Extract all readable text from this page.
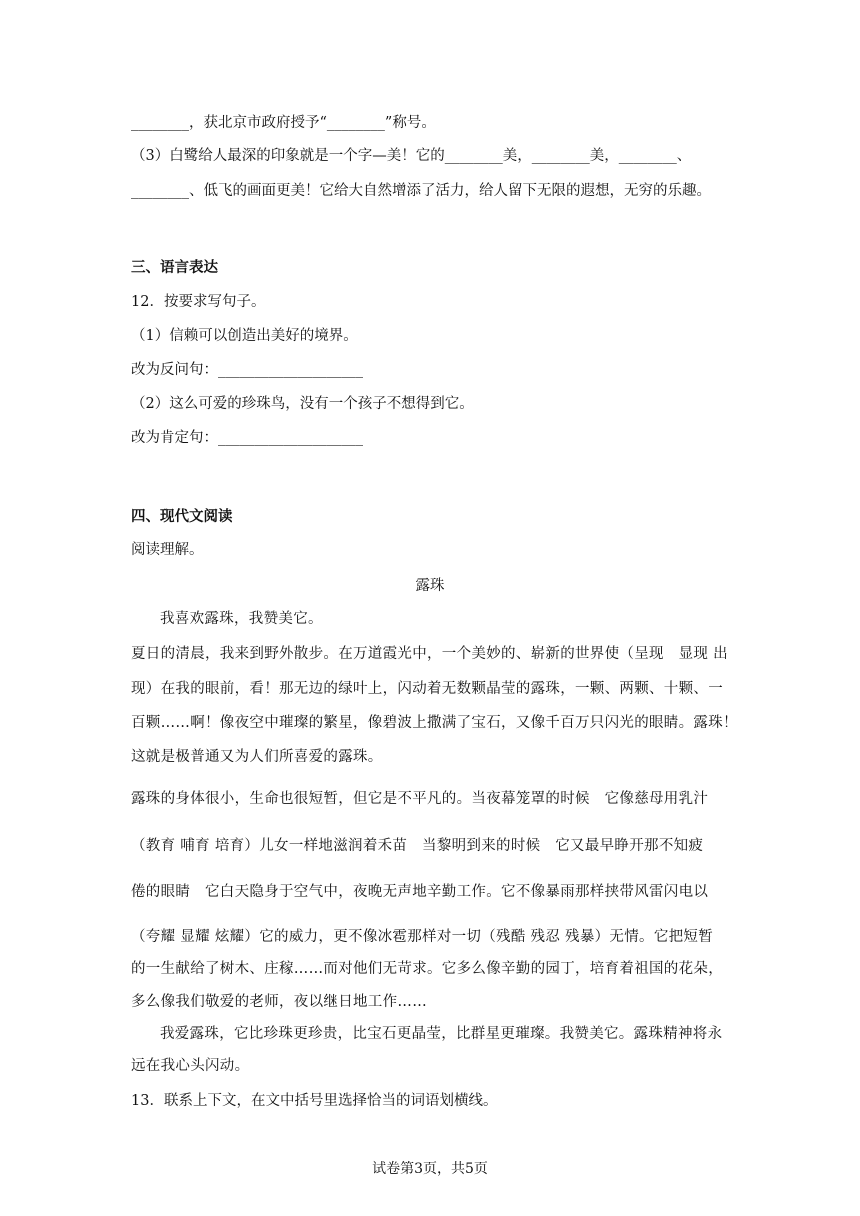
________，获北京市政府授予“________”称号。
（3）白鹭给人最深的印象就是一个字—美！它的________美，________美，________、
________、低飞的画面更美！它给大自然增添了活力，给人留下无限的遐想，无穷的乐趣。
三、语言表达
12．按要求写句子。
（1）信赖可以创造出美好的境界。
改为反问句：____________________
（2）这么可爱的珍珠鸟，没有一个孩子不想得到它。
改为肯定句：____________________
四、现代文阅读
阅读理解。
露珠
我喜欢露珠，我赞美它。
夏日的清晨，我来到野外散步。在万道霞光中，一个美妙的、崭新的世界使（呈现　显现 出
现）在我的眼前，看！那无边的绿叶上，闪动着无数颗晶莹的露珠，一颗、两颗、十颗、一
百颗……啊！像夜空中璀璨的繁星，像碧波上撒满了宝石，又像千百万只闪光的眼睛。露珠！
这就是极普通又为人们所喜爱的露珠。
露珠的身体很小，生命也很短暂，但它是不平凡的。当夜幕笼罩的时候　它像慈母用乳汁
（教育 哺育 培育）儿女一样地滋润着禾苗　当黎明到来的时候　它又最早睁开那不知疲
倦的眼睛　它白天隐身于空气中，夜晚无声地辛勤工作。它不像暴雨那样挟带风雷闪电以
（夸耀 显耀 炫耀）它的威力，更不像冰雹那样对一切（残酷 残忍 残暴）无情。它把短暂
的一生献给了树木、庄稼……而对他们无苛求。它多么像辛勤的园丁，培育着祖国的花朵，
多么像我们敬爱的老师，夜以继日地工作……
我爱露珠，它比珍珠更珍贵，比宝石更晶莹，比群星更璀璨。我赞美它。露珠精神将永
远在我心头闪动。
13．联系上下文，在文中括号里选择恰当的词语划横线。
试卷第3页，共5页
